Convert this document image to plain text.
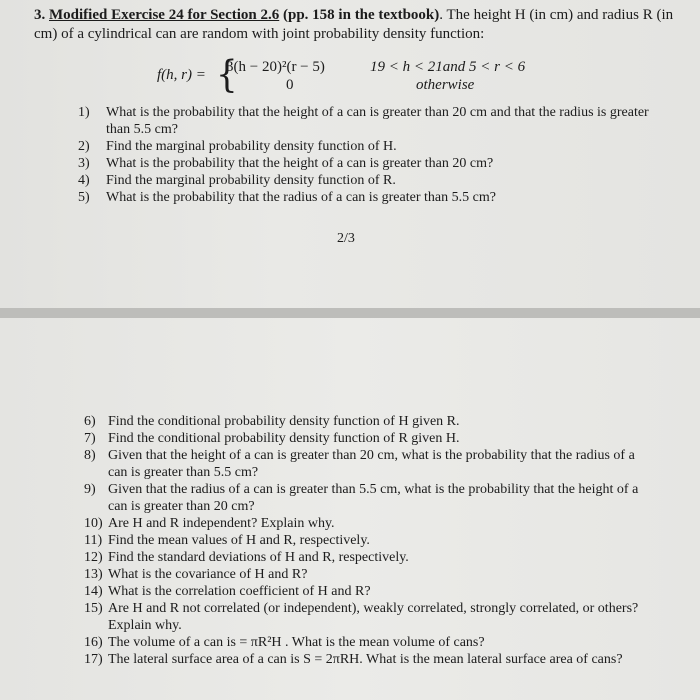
3. Modified Exercise 24 for Section 2.6 (pp. 158 in the textbook). The height H (in cm) and radius R (in cm) of a cylindrical can are random with joint probability density function:
f(h, r) = {
3(h − 20)²(r − 5)
0
19 < h < 21and 5 < r < 6
otherwise
1) What is the probability that the height of a can is greater than 20 cm and that the radius is greater than 5.5 cm?
2) Find the marginal probability density function of H.
3) What is the probability that the height of a can is greater than 20 cm?
4) Find the marginal probability density function of R.
5) What is the probability that the radius of a can is greater than 5.5 cm?
2/3
6) Find the conditional probability density function of H given R.
7) Find the conditional probability density function of R given H.
8) Given that the height of a can is greater than 20 cm, what is the probability that the radius of a can is greater than 5.5 cm?
9) Given that the radius of a can is greater than 5.5 cm, what is the probability that the height of a can is greater than 20 cm?
10) Are H and R independent? Explain why.
11) Find the mean values of H and R, respectively.
12) Find the standard deviations of H and R, respectively.
13) What is the covariance of H and R?
14) What is the correlation coefficient of H and R?
15) Are H and R not correlated (or independent), weakly correlated, strongly correlated, or others? Explain why.
16) The volume of a can is = πR²H . What is the mean volume of cans?
17) The lateral surface area of a can is S = 2πRH. What is the mean lateral surface area of cans?
